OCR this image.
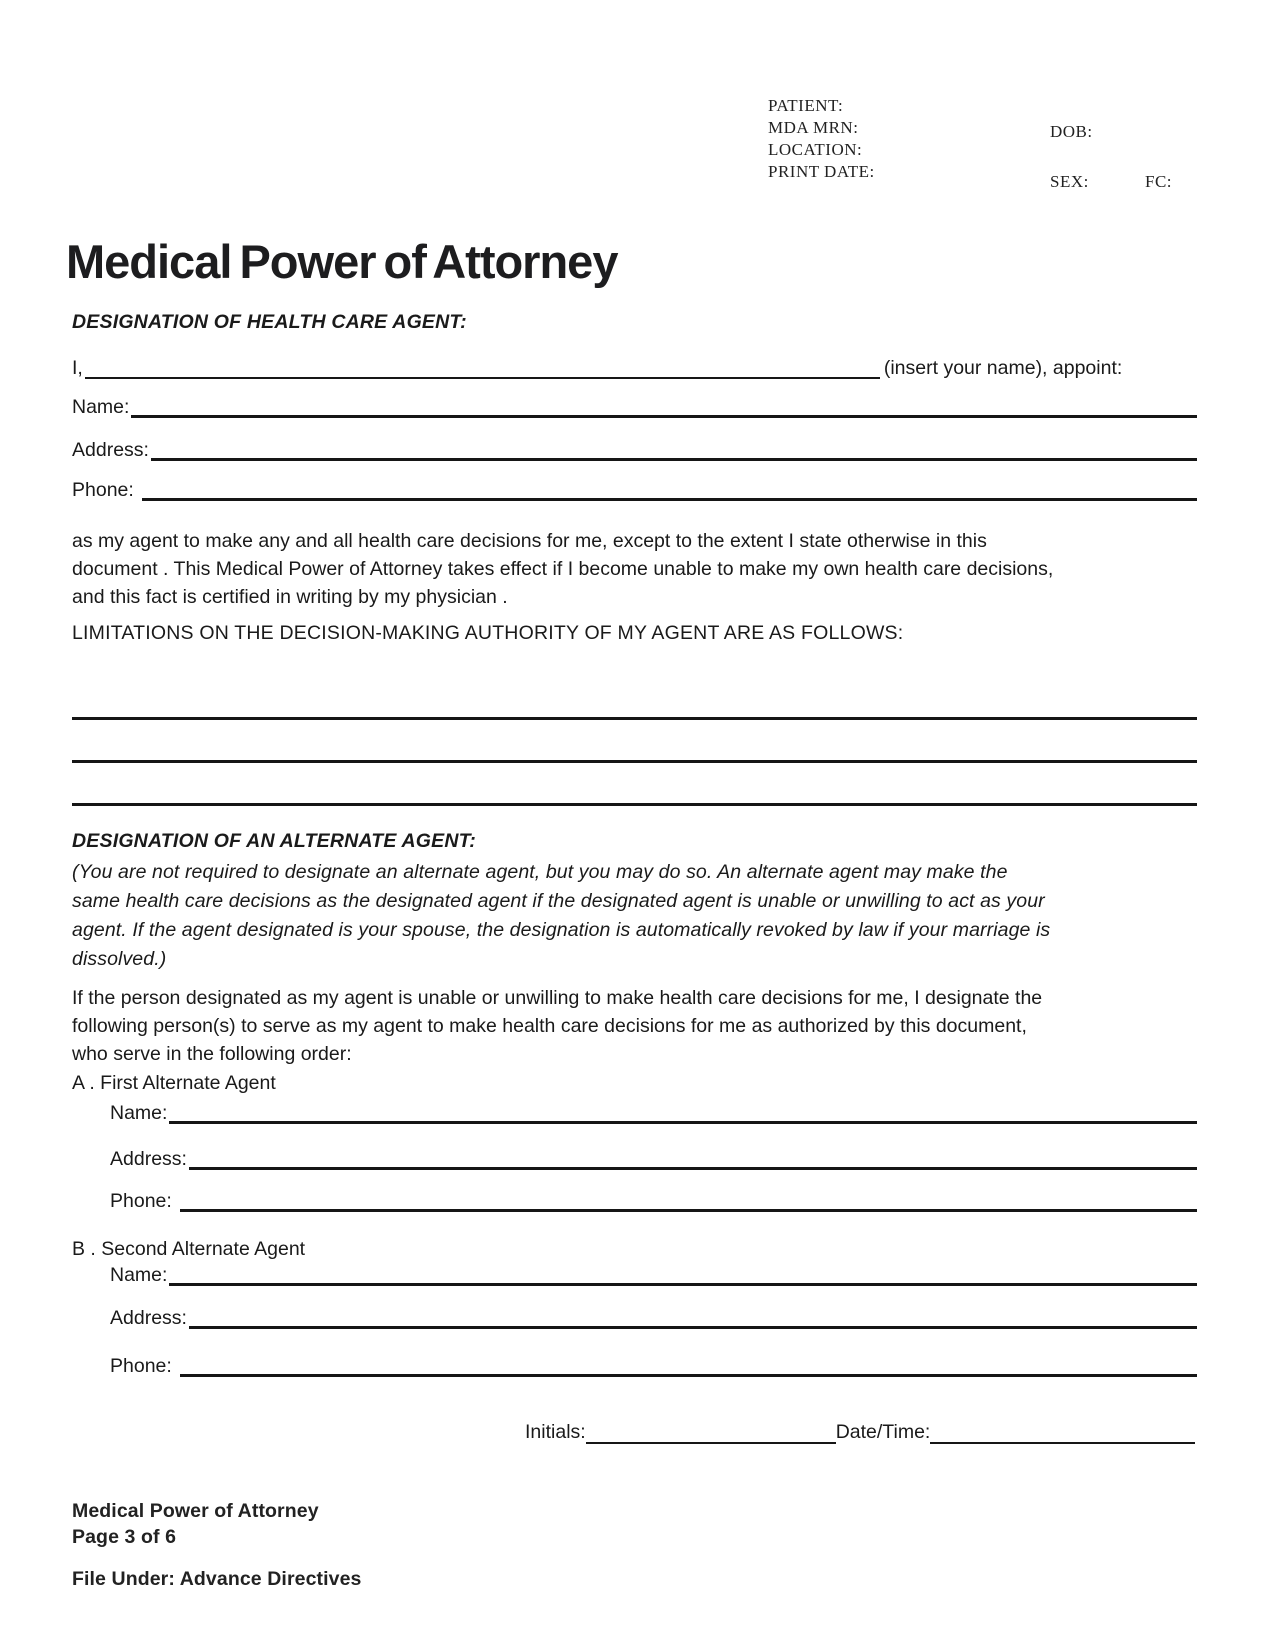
PATIENT:
MDA MRN:
LOCATION:
PRINT DATE:
DOB:
SEX:	FC:
Medical Power of Attorney
DESIGNATION OF HEALTH CARE AGENT:
I,	(insert your name), appoint:
Name:
Address:
Phone:
as my agent to make any and all health care decisions for me, except to the extent I state otherwise in this
document . This Medical Power of Attorney takes effect if I become unable to make my own health care decisions,
and this fact is certified in writing by my physician .
LIMITATIONS ON THE DECISION-MAKING AUTHORITY OF MY AGENT ARE AS FOLLOWS:
DESIGNATION OF AN ALTERNATE AGENT:
(You are not required to designate an alternate agent, but you may do so. An alternate agent may make the
same health care decisions as the designated agent if the designated agent is unable or unwilling to act as your
agent. If the agent designated is your spouse, the designation is automatically revoked by law if your marriage is
dissolved.)
If the person designated as my agent is unable or unwilling to make health care decisions for me, I designate the
following person(s) to serve as my agent to make health care decisions for me as authorized by this document,
who serve in the following order:
A . First Alternate Agent
Name:
Address:
Phone:
B . Second Alternate Agent
Name:
Address:
Phone:
Initials:	Date/Time:
Medical Power of Attorney
Page 3 of 6
File Under: Advance Directives
